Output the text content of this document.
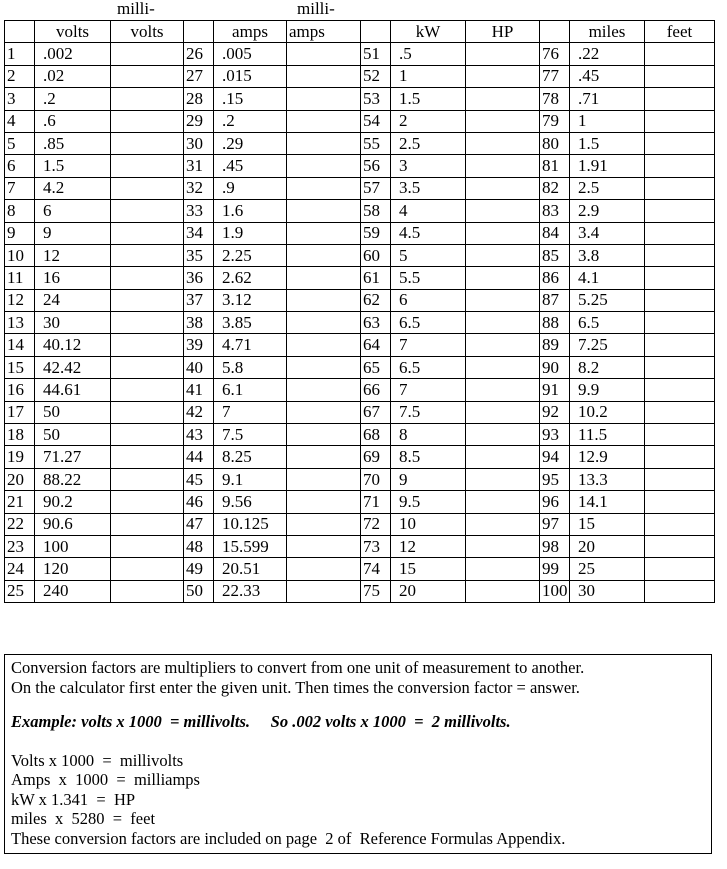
milli-	milli-
	volts	volts		amps	amps		kW	HP		miles	feet
1	.002		26	.005		51	.5		76	.22	
2	.02		27	.015		52	1		77	.45	
3	.2		28	.15		53	1.5		78	.71	
4	.6		29	.2		54	2		79	1	
5	.85		30	.29		55	2.5		80	1.5	
6	1.5		31	.45		56	3		81	1.91	
7	4.2		32	.9		57	3.5		82	2.5	
8	6		33	1.6		58	4		83	2.9	
9	9		34	1.9		59	4.5		84	3.4	
10	12		35	2.25		60	5		85	3.8	
11	16		36	2.62		61	5.5		86	4.1	
12	24		37	3.12		62	6		87	5.25	
13	30		38	3.85		63	6.5		88	6.5	
14	40.12		39	4.71		64	7		89	7.25	
15	42.42		40	5.8		65	6.5		90	8.2	
16	44.61		41	6.1		66	7		91	9.9	
17	50		42	7		67	7.5		92	10.2	
18	50		43	7.5		68	8		93	11.5	
19	71.27		44	8.25		69	8.5		94	12.9	
20	88.22		45	9.1		70	9		95	13.3	
21	90.2		46	9.56		71	9.5		96	14.1	
22	90.6		47	10.125		72	10		97	15	
23	100		48	15.599		73	12		98	20	
24	120		49	20.51		74	15		99	25	
25	240		50	22.33		75	20		100	30	

Conversion factors are multipliers to convert from one unit of measurement to another.

On the calculator first enter the given unit. Then times the conversion factor = answer.

Example: volts x 1000  = millivolts.     So .002 volts x 1000  =  2 millivolts.

Volts x 1000  =  millivolts

Amps  x  1000  =  milliamps

kW x 1.341  =  HP

miles  x  5280  =  feet

These conversion factors are included on page  2 of  Reference Formulas Appendix.
